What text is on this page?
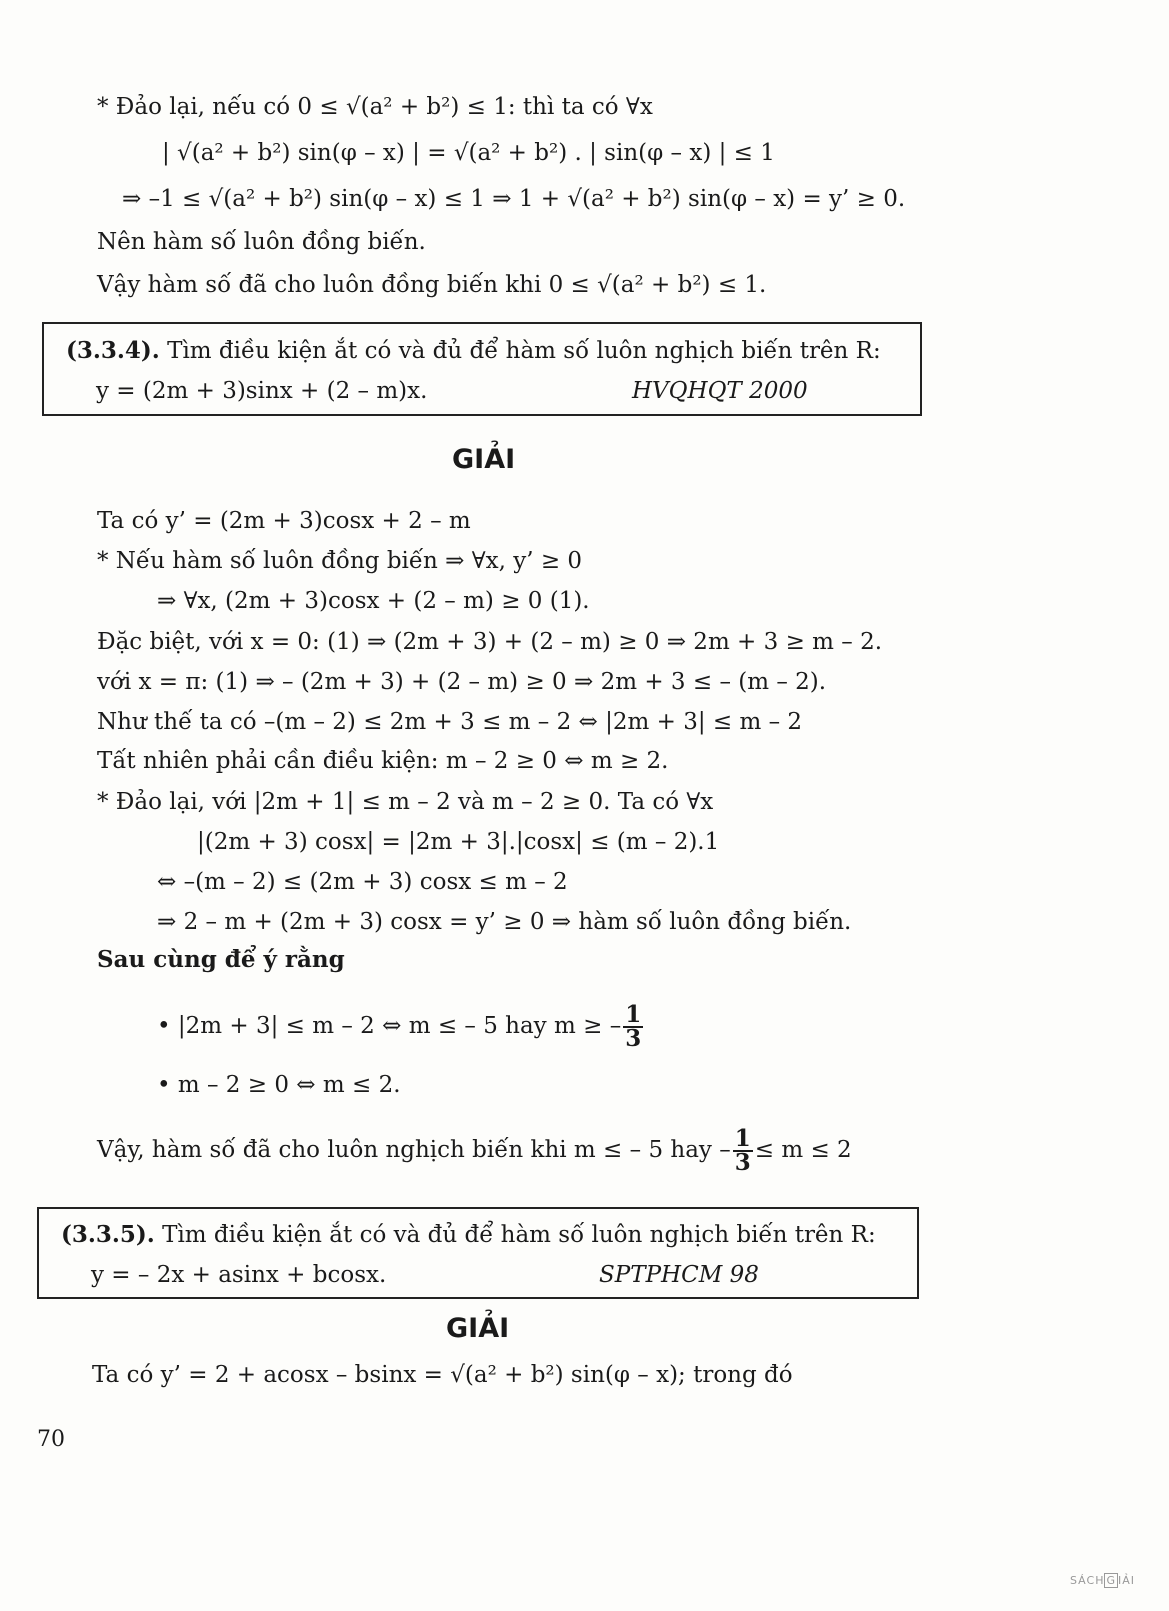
* Đảo lại, nếu có 0 ≤ √(a² + b²) ≤ 1: thì ta có ∀x
| √(a² + b²) sin(φ – x) | = √(a² + b²) . | sin(φ – x) | ≤ 1
⇒ –1 ≤ √(a² + b²) sin(φ – x) ≤ 1 ⇒ 1 + √(a² + b²) sin(φ – x) = y’ ≥ 0.
Nên hàm số luôn đồng biến.
Vậy hàm số đã cho luôn đồng biến khi 0 ≤ √(a² + b²) ≤ 1.
(3.3.4). Tìm điều kiện ắt có và đủ để hàm số luôn nghịch biến trên R:
y = (2m + 3)sinx + (2 – m)x.	HVQHQT 2000
GIẢI
Ta có y’ = (2m + 3)cosx + 2 – m
* Nếu hàm số luôn đồng biến ⇒ ∀x, y’ ≥ 0
⇒ ∀x, (2m + 3)cosx + (2 – m) ≥ 0 (1).
Đặc biệt, với x = 0: (1) ⇒ (2m + 3) + (2 – m) ≥ 0 ⇒ 2m + 3 ≥ m – 2.
với x = π: (1) ⇒ – (2m + 3) + (2 – m) ≥ 0 ⇒ 2m + 3 ≤ – (m – 2).
Như thế ta có –(m – 2) ≤ 2m + 3 ≤ m – 2 ⇔ |2m + 3| ≤ m – 2
Tất nhiên phải cần điều kiện: m – 2 ≥ 0 ⇔ m ≥ 2.
* Đảo lại, với |2m + 1| ≤ m – 2 và m – 2 ≥ 0. Ta có ∀x
|(2m + 3) cosx| = |2m + 3|.|cosx| ≤ (m – 2).1
⇔ –(m – 2) ≤ (2m + 3) cosx ≤ m – 2
⇒ 2 – m + (2m + 3) cosx = y’ ≥ 0 ⇒ hàm số luôn đồng biến.
Sau cùng để ý rằng
• |2m + 3| ≤ m – 2 ⇔ m ≤ – 5 hay m ≥ – $\frac{1}{3}$
• m – 2 ≥ 0 ⇔ m ≤ 2.
Vậy, hàm số đã cho luôn nghịch biến khi m ≤ – 5 hay – $\frac{1}{3} \le m \le 2$
(3.3.5). Tìm điều kiện ắt có và đủ để hàm số luôn nghịch biến trên R:
y = – 2x + asinx + bcosx.	SPTPHCM 98
GIẢI
Ta có y’ = 2 + acosx – bsinx = √(a² + b²) sin(φ – x); trong đó
70
SÁCH G IẢI
